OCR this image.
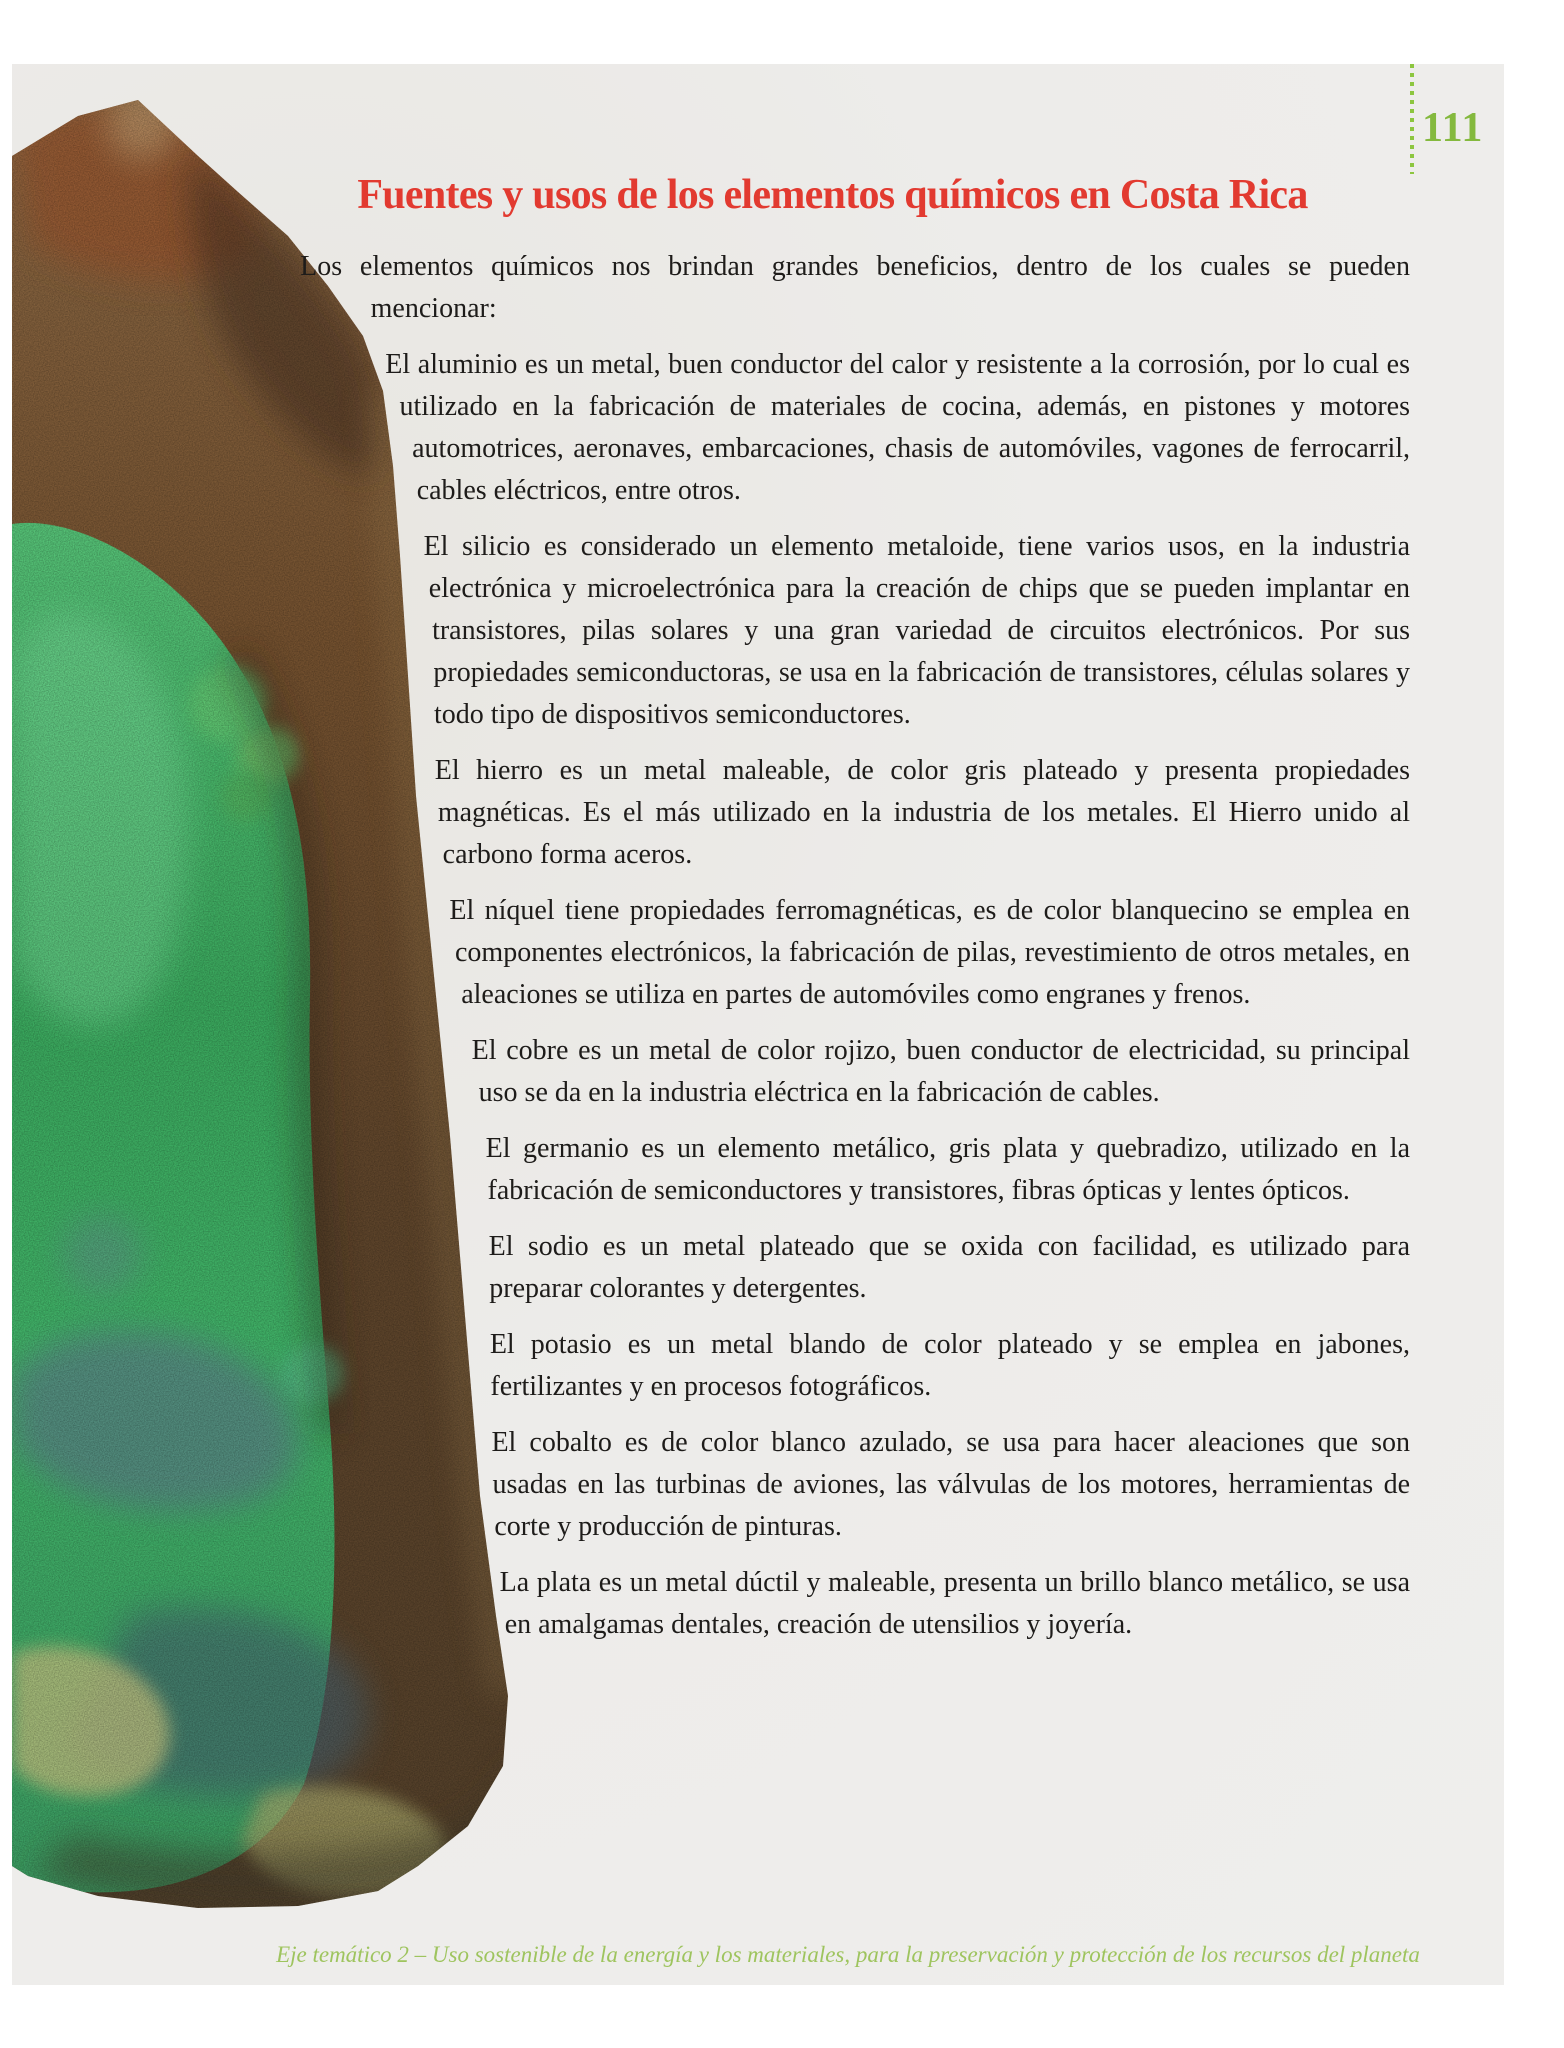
111
Fuentes y usos de los elementos químicos en Costa Rica

Los elementos químicos nos brindan grandes beneficios, dentro de los cuales se pueden mencionar:

El aluminio es un metal, buen conductor del calor y resistente a la corrosión, por lo cual es utilizado en la fabricación de materiales de cocina, además, en pistones y motores automotrices, aeronaves, embarcaciones, chasis de automóviles, vagones de ferrocarril, cables eléctricos, entre otros.

El silicio es considerado un elemento metaloide, tiene varios usos, en la industria electrónica y microelectrónica para la creación de chips que se pueden implantar en transistores, pilas solares y una gran variedad de circuitos electrónicos. Por sus propiedades semiconductoras, se usa en la fabricación de transistores, células solares y todo tipo de dispositivos semiconductores.

El hierro es un metal maleable, de color gris plateado y presenta propiedades magnéticas. Es el más utilizado en la industria de los metales. El Hierro unido al carbono forma aceros.

El níquel tiene propiedades ferromagnéticas, es de color blanquecino se emplea en componentes electrónicos, la fabricación de pilas, revestimiento de otros metales, en aleaciones se utiliza en partes de automóviles como engranes y frenos.

El cobre es un metal de color rojizo, buen conductor de electricidad, su principal uso se da en la industria eléctrica en la fabricación de cables.

El germanio es un elemento metálico, gris plata y quebradizo, utilizado en la fabricación de semiconductores y transistores, fibras ópticas y lentes ópticos.

El sodio es un metal plateado que se oxida con facilidad, es utilizado para preparar colorantes y detergentes.

El potasio es un metal blando de color plateado y se emplea en jabones, fertilizantes y en procesos fotográficos.

El cobalto es de color blanco azulado, se usa para hacer aleaciones que son usadas en las turbinas de aviones, las válvulas de los motores, herramientas de corte y producción de pinturas.

La plata es un metal dúctil y maleable, presenta un brillo blanco metálico, se usa en amalgamas dentales, creación de utensilios y joyería.

Eje temático 2 – Uso sostenible de la energía y los materiales, para la preservación y protección de los recursos del planeta
